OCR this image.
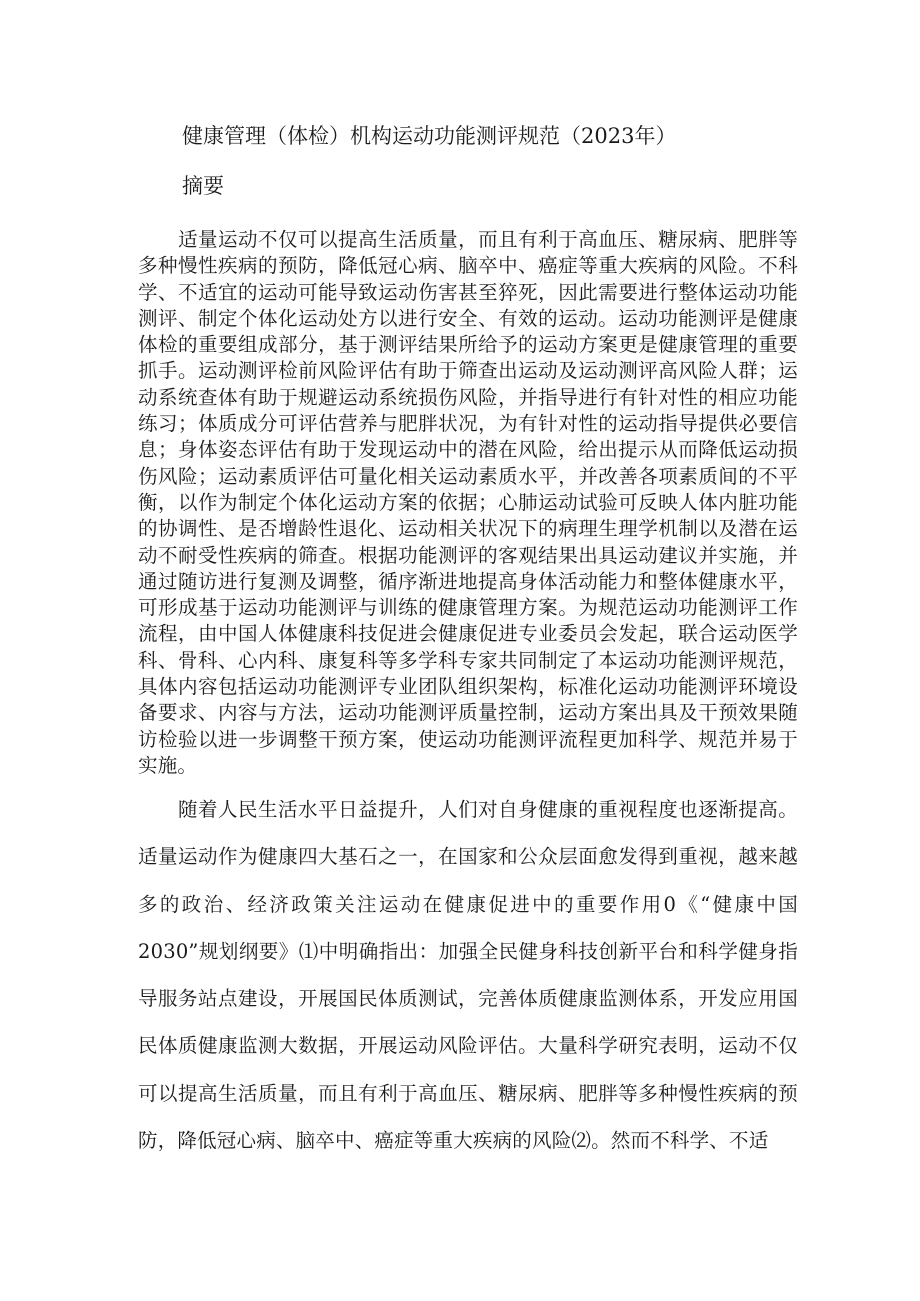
健康管理（体检）机构运动功能测评规范（2023年）
摘要

适量运动不仅可以提高生活质量，而且有利于高血压、糖尿病、肥胖等多种慢性疾病的预防，降低冠心病、脑卒中、癌症等重大疾病的风险。不科学、不适宜的运动可能导致运动伤害甚至猝死，因此需要进行整体运动功能测评、制定个体化运动处方以进行安全、有效的运动。运动功能测评是健康体检的重要组成部分，基于测评结果所给予的运动方案更是健康管理的重要抓手。运动测评检前风险评估有助于筛查出运动及运动测评高风险人群；运动系统查体有助于规避运动系统损伤风险，并指导进行有针对性的相应功能练习；体质成分可评估营养与肥胖状况，为有针对性的运动指导提供必要信息；身体姿态评估有助于发现运动中的潜在风险，给出提示从而降低运动损伤风险；运动素质评估可量化相关运动素质水平，并改善各项素质间的不平衡，以作为制定个体化运动方案的依据；心肺运动试验可反映人体内脏功能的协调性、是否增龄性退化、运动相关状况下的病理生理学机制以及潜在运动不耐受性疾病的筛查。根据功能测评的客观结果出具运动建议并实施，并通过随访进行复测及调整，循序渐进地提高身体活动能力和整体健康水平，可形成基于运动功能测评与训练的健康管理方案。为规范运动功能测评工作流程，由中国人体健康科技促进会健康促进专业委员会发起，联合运动医学科、骨科、心内科、康复科等多学科专家共同制定了本运动功能测评规范，具体内容包括运动功能测评专业团队组织架构，标准化运动功能测评环境设备要求、内容与方法，运动功能测评质量控制，运动方案出具及干预效果随访检验以进一步调整干预方案，使运动功能测评流程更加科学、规范并易于实施。

随着人民生活水平日益提升，人们对自身健康的重视程度也逐渐提高。适量运动作为健康四大基石之一，在国家和公众层面愈发得到重视，越来越多的政治、经济政策关注运动在健康促进中的重要作用0《“健康中国2030”规划纲要》⑴中明确指出：加强全民健身科技创新平台和科学健身指导服务站点建设，开展国民体质测试，完善体质健康监测体系，开发应用国民体质健康监测大数据，开展运动风险评估。大量科学研究表明，运动不仅可以提高生活质量，而且有利于高血压、糖尿病、肥胖等多种慢性疾病的预防，降低冠心病、脑卒中、癌症等重大疾病的风险⑵。然而不科学、不适
